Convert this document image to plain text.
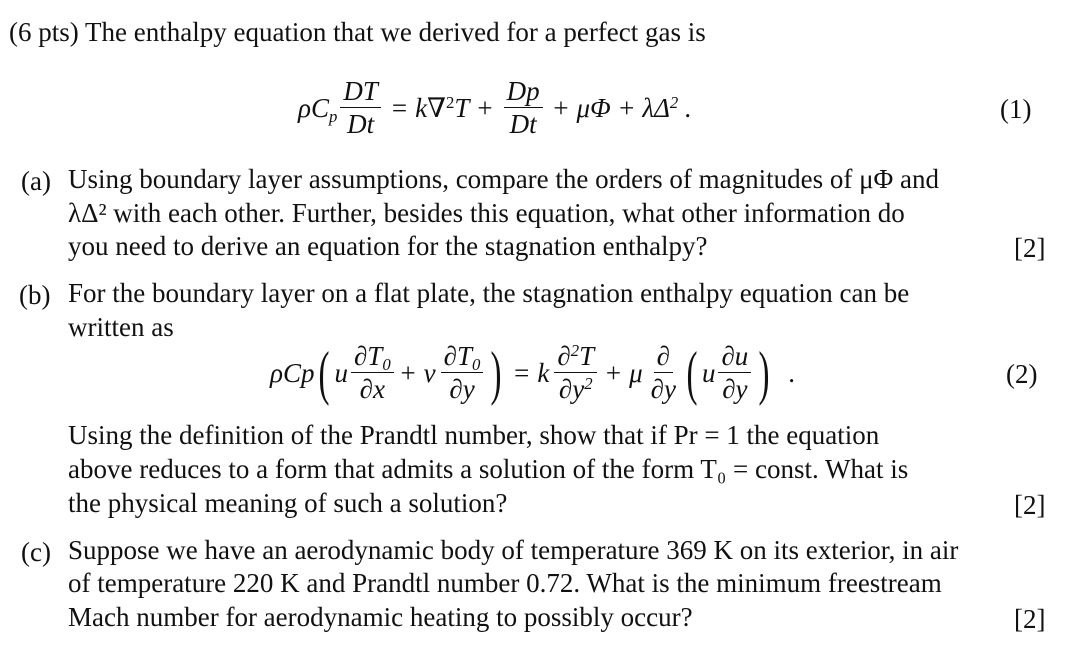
(6 pts) The enthalpy equation that we derived for a perfect gas is
$\rho C_p \frac{DT}{Dt} = k\nabla^2T + \frac{Dp}{Dt} + \mu\Phi + \lambda\Delta^2$ .	(1)
(a) Using boundary layer assumptions, compare the orders of magnitudes of μΦ and
λΔ² with each other. Further, besides this equation, what other information do
you need to derive an equation for the stagnation enthalpy?	[2]
(b) For the boundary layer on a flat plate, the stagnation enthalpy equation can be
written as
ρCp ( u $\frac{\partial T_0}{\partial x} + v \frac{\partial T_0}{\partial y}$ ) = k $\frac{\partial^2T}{\partial y^2} + \mu \frac{\partial}{\partial y}$ ( u $\frac{\partial u}{\partial y}$ ) .	(2)
Using the definition of the Prandtl number, show that if Pr = 1 the equation
above reduces to a form that admits a solution of the form T₀ = const. What is
the physical meaning of such a solution?	[2]
(c) Suppose we have an aerodynamic body of temperature 369 K on its exterior, in air
of temperature 220 K and Prandtl number 0.72. What is the minimum freestream
Mach number for aerodynamic heating to possibly occur?	[2]
